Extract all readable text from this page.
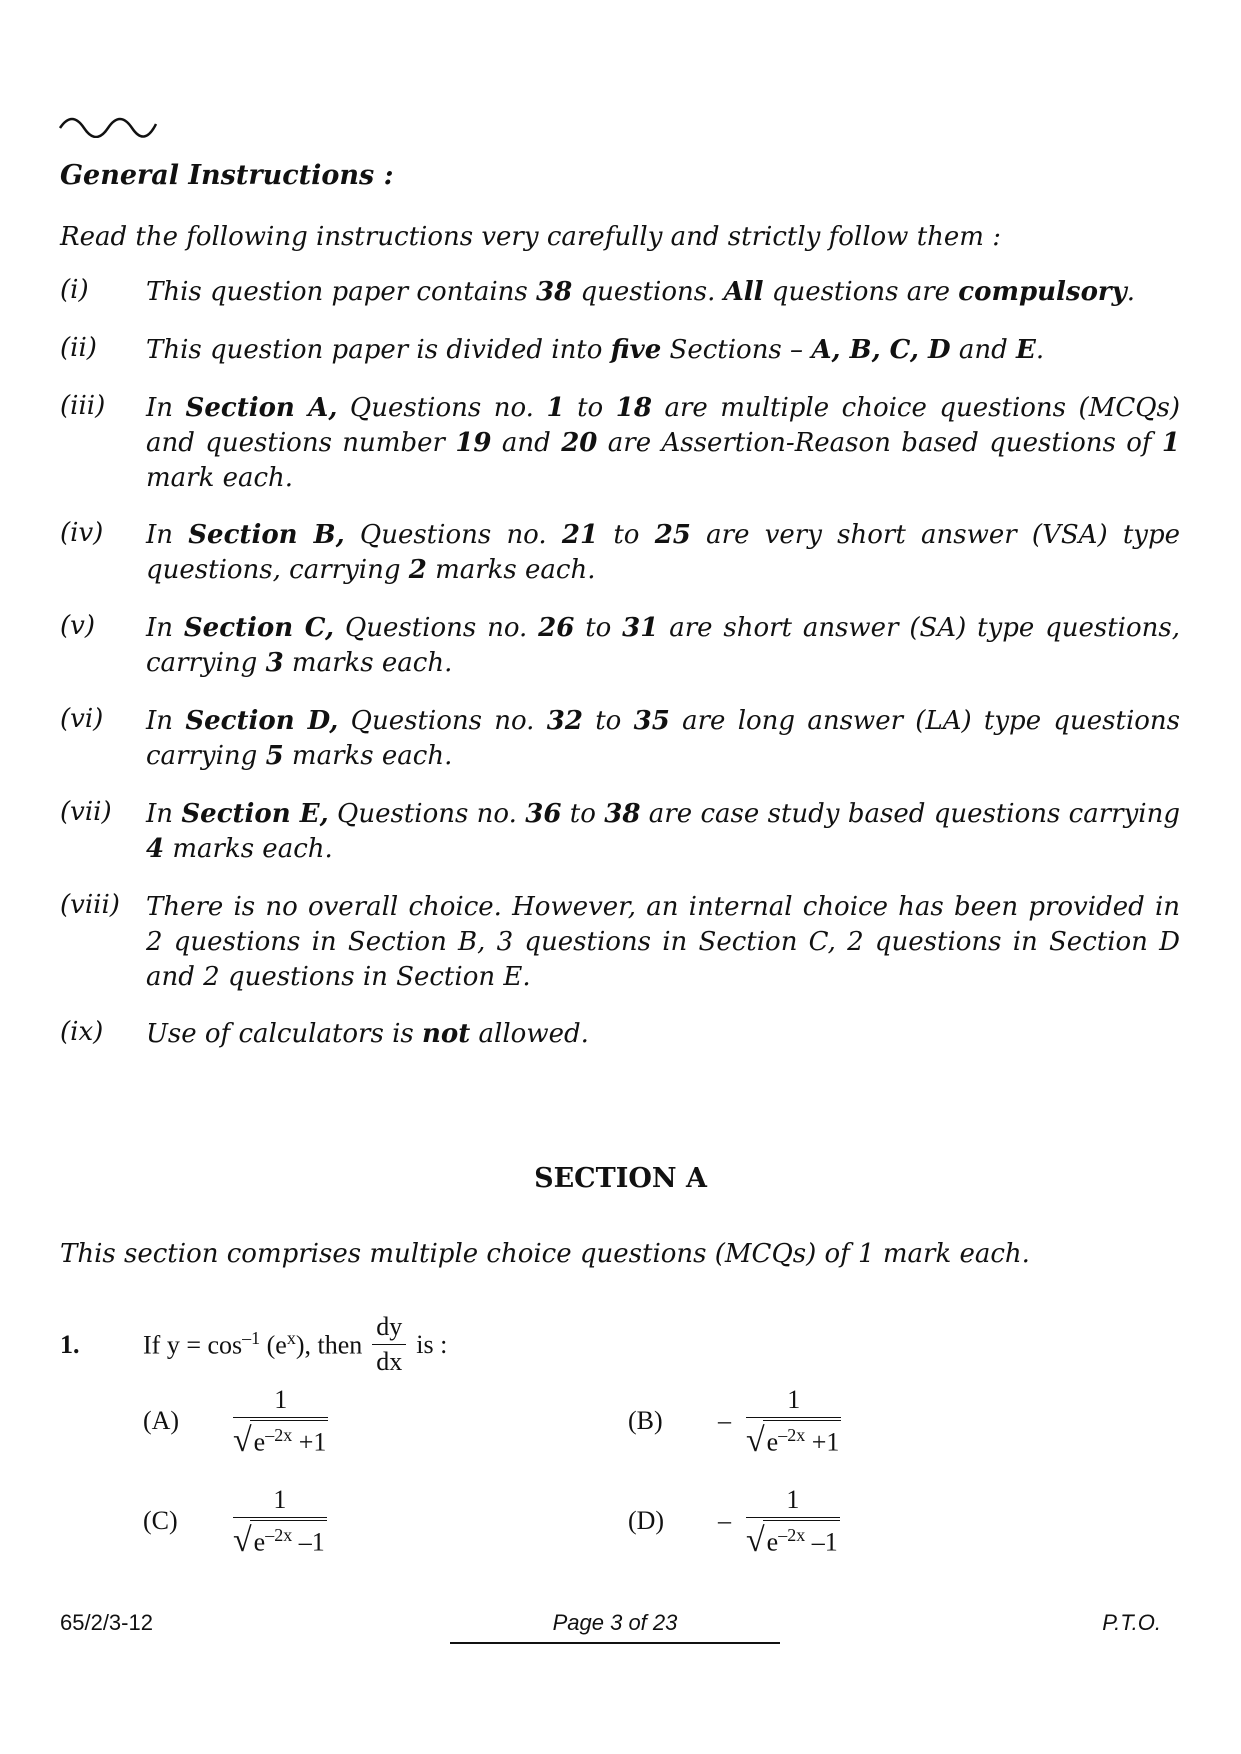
General Instructions :
Read the following instructions very carefully and strictly follow them :
(i) This question paper contains 38 questions. All questions are compulsory.
(ii) This question paper is divided into five Sections – A, B, C, D and E.
(iii) In Section A, Questions no. 1 to 18 are multiple choice questions (MCQs) and questions number 19 and 20 are Assertion-Reason based questions of 1 mark each.
(iv) In Section B, Questions no. 21 to 25 are very short answer (VSA) type questions, carrying 2 marks each.
(v) In Section C, Questions no. 26 to 31 are short answer (SA) type questions, carrying 3 marks each.
(vi) In Section D, Questions no. 32 to 35 are long answer (LA) type questions carrying 5 marks each.
(vii) In Section E, Questions no. 36 to 38 are case study based questions carrying 4 marks each.
(viii) There is no overall choice. However, an internal choice has been provided in 2 questions in Section B, 3 questions in Section C, 2 questions in Section D and 2 questions in Section E.
(ix) Use of calculators is not allowed.
SECTION A
This section comprises multiple choice questions (MCQs) of 1 mark each.
1. If $y = \cos^{-1} (e^x)$, then $\frac{dy}{dx}$ is :
(A)	$\frac{1}{√ e^{-2x} +1}$	(B)	– $\frac{1}{√ e^{-2x} +1}$
(C)	$\frac{1}{√ e^{-2x} -1}$	(D)	– $\frac{1}{√ e^{-2x} -1}$
65/2/3-12	Page 3 of 23	P.T.O.
